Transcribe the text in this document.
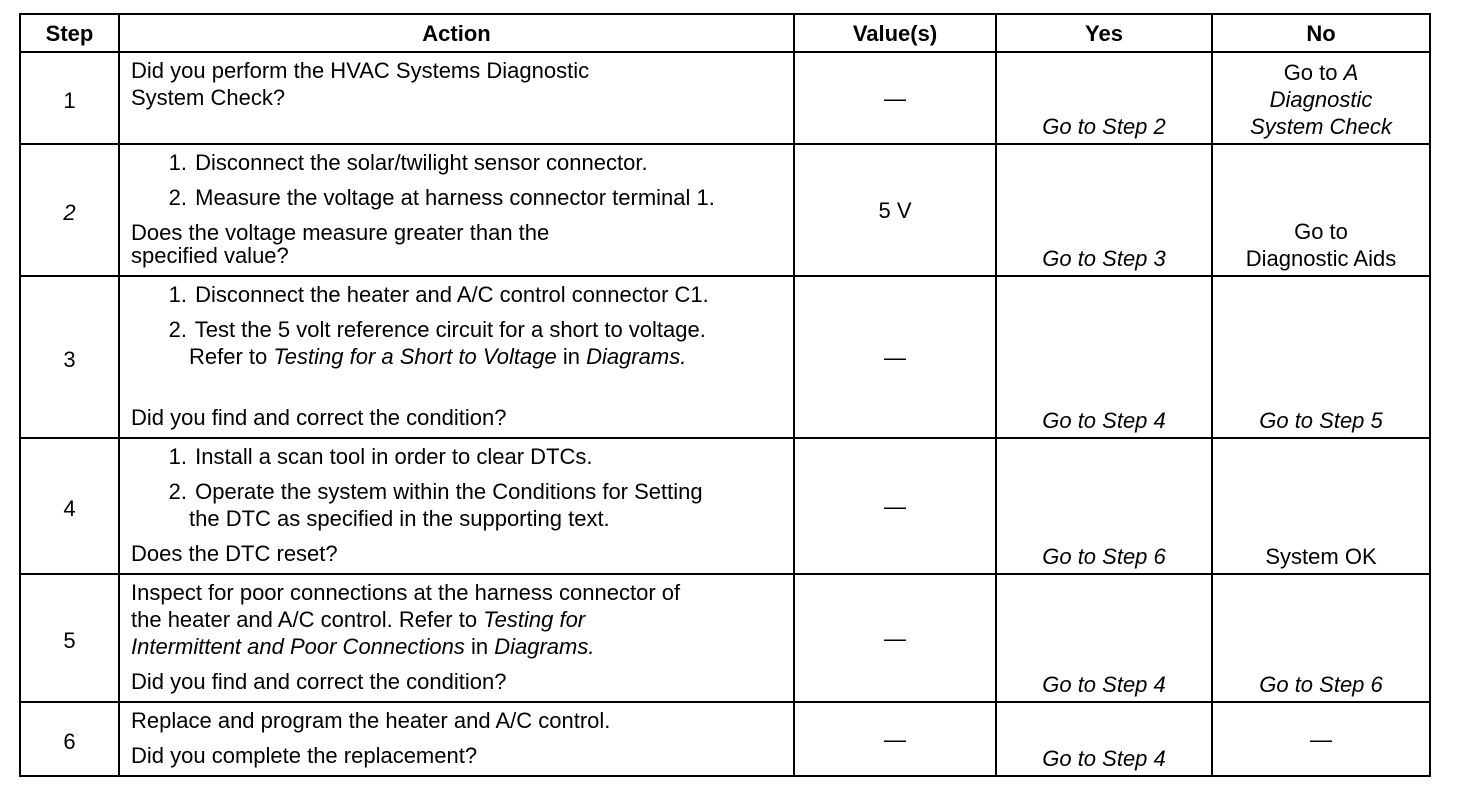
Step	Action	Value(s)	Yes	No
1	Did you perform the HVAC Systems Diagnostic
System Check?	—	Go to Step 2	Go to A
Diagnostic
System Check

2	1. Disconnect the solar/twilight sensor connector.
2. Measure the voltage at harness connector terminal 1.
Does the voltage measure greater than the
specified value?	5 V	Go to Step 3	Go to
Diagnostic Aids

3	1. Disconnect the heater and A/C control connector C1.
2. Test the 5 volt reference circuit for a short to voltage.
Refer to Testing for a Short to Voltage in Diagrams.
Did you find and correct the condition?	—	Go to Step 4	Go to Step 5
4	1. Install a scan tool in order to clear DTCs.
2. Operate the system within the Conditions for Setting
the DTC as specified in the supporting text.
Does the DTC reset?	—	Go to Step 6	System OK
5	Inspect for poor connections at the harness connector of
the heater and A/C control. Refer to Testing for
Intermittent and Poor Connections in Diagrams.
Did you find and correct the condition?	—	Go to Step 4	Go to Step 6
6	Replace and program the heater and A/C control.
Did you complete the replacement?	—	Go to Step 4	—
